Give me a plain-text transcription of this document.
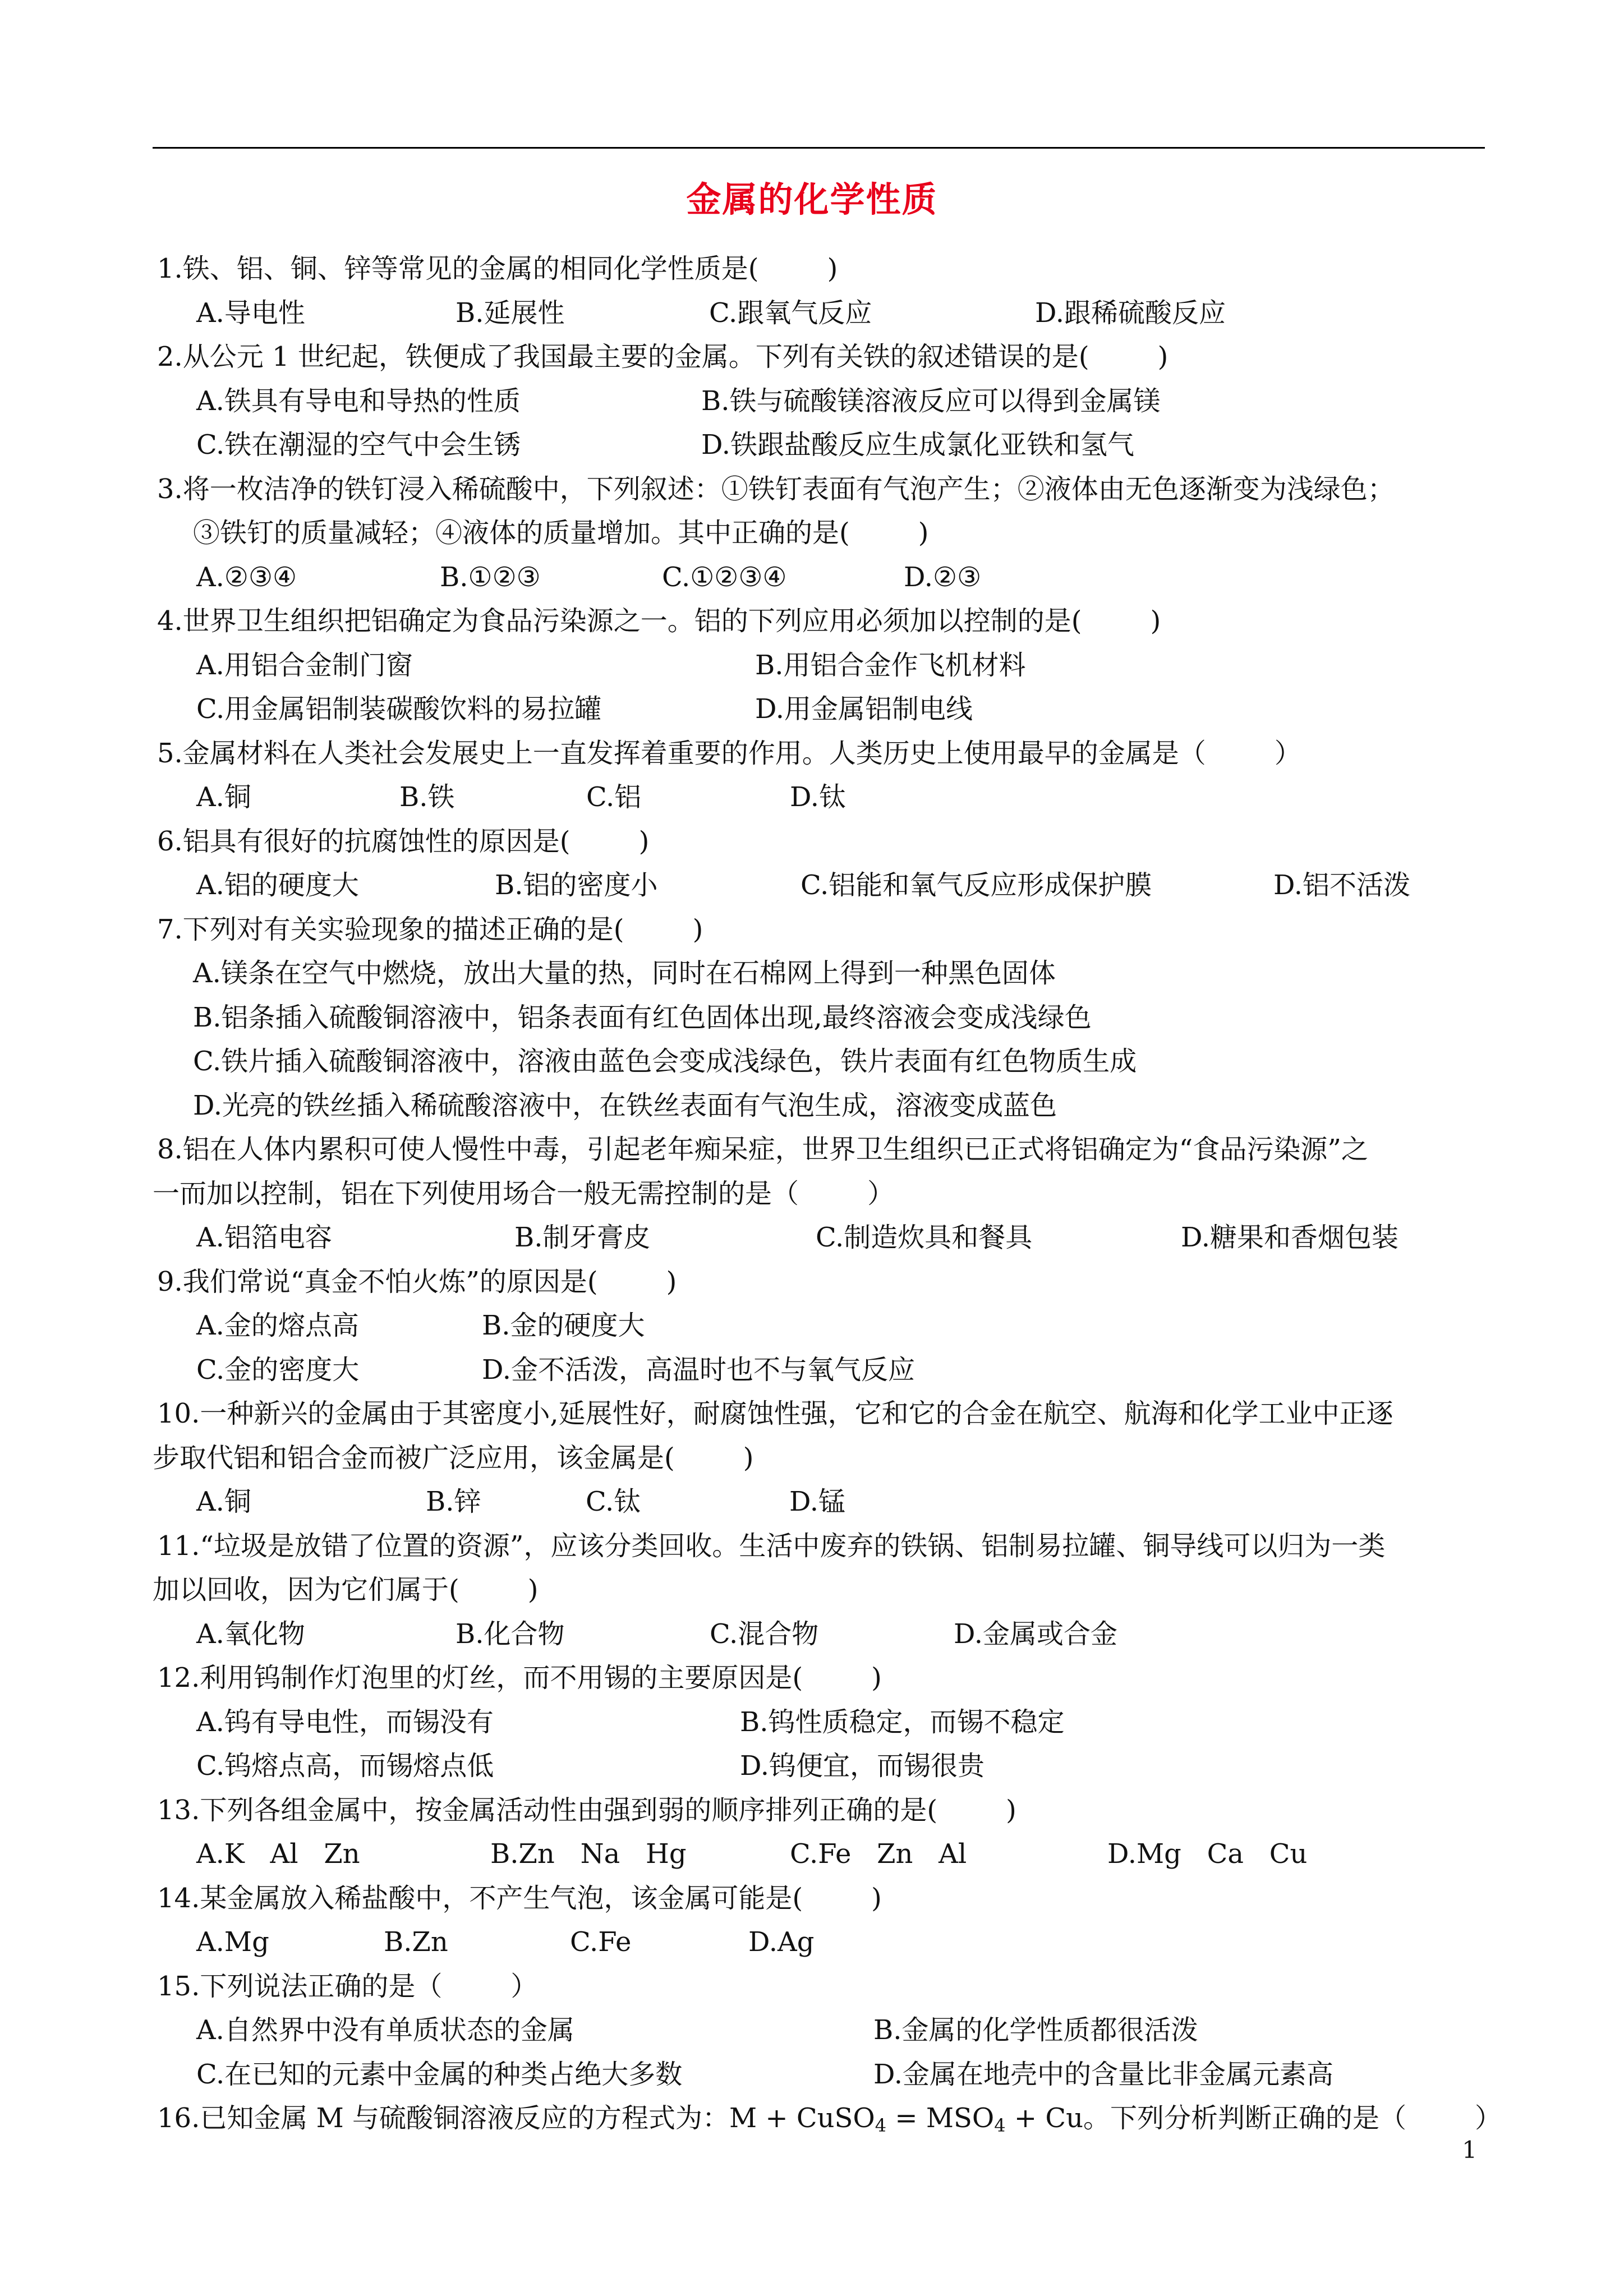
金属的化学性质
1.铁、铝、铜、锌等常见的金属的相同化学性质是(        )

A.导电性

	B.延展性

	C.跟氧气反应

	D.跟稀硫酸反应

2.从公元 1 世纪起，铁便成了我国最主要的金属。下列有关铁的叙述错误的是(        )

A.铁具有导电和导热的性质

	B.铁与硫酸镁溶液反应可以得到金属镁

C.铁在潮湿的空气中会生锈

	D.铁跟盐酸反应生成氯化亚铁和氢气

3.将一枚洁净的铁钉浸入稀硫酸中，下列叙述：①铁钉表面有气泡产生；②液体由无色逐渐变为浅绿色；
③铁钉的质量减轻；④液体的质量增加。其中正确的是(        )

A.②③④

	B.①②③

	C.①②③④

	D.②③

4.世界卫生组织把铝确定为食品污染源之一。铝的下列应用必须加以控制的是(        )

A.用铝合金制门窗

	B.用铝合金作飞机材料

C.用金属铝制装碳酸饮料的易拉罐

	D.用金属铝制电线

5.金属材料在人类社会发展史上一直发挥着重要的作用。人类历史上使用最早的金属是（        ）

A.铜

	B.铁

	C.铝

	D.钛

6.铝具有很好的抗腐蚀性的原因是(        )

A.铝的硬度大

	B.铝的密度小

	C.铝能和氧气反应形成保护膜

	D.铝不活泼

7.下列对有关实验现象的描述正确的是(        )
A.镁条在空气中燃烧，放出大量的热，同时在石棉网上得到一种黑色固体
B.铝条插入硫酸铜溶液中，铝条表面有红色固体出现,最终溶液会变成浅绿色
C.铁片插入硫酸铜溶液中，溶液由蓝色会变成浅绿色，铁片表面有红色物质生成
D.光亮的铁丝插入稀硫酸溶液中，在铁丝表面有气泡生成，溶液变成蓝色
8.铝在人体内累积可使人慢性中毒，引起老年痴呆症，世界卫生组织已正式将铝确定为“食品污染源”之
一而加以控制，铝在下列使用场合一般无需控制的是（        ）

A.铝箔电容

	B.制牙膏皮

	C.制造炊具和餐具

	D.糖果和香烟包装

9.我们常说“真金不怕火炼”的原因是(        )

A.金的熔点高

	B.金的硬度大

C.金的密度大

	D.金不活泼，高温时也不与氧气反应

10.一种新兴的金属由于其密度小,延展性好，耐腐蚀性强，它和它的合金在航空、航海和化学工业中正逐
步取代铝和铝合金而被广泛应用，该金属是(        )

A.铜

	B.锌

	C.钛

	D.锰

11.“垃圾是放错了位置的资源”，应该分类回收。生活中废弃的铁锅、铝制易拉罐、铜导线可以归为一类
加以回收，因为它们属于(        )

A.氧化物

	B.化合物

	C.混合物

	D.金属或合金

12.利用钨制作灯泡里的灯丝，而不用锡的主要原因是(        )

A.钨有导电性，而锡没有

	B.钨性质稳定，而锡不稳定

C.钨熔点高，而锡熔点低

	D.钨便宜，而锡很贵

13.下列各组金属中，按金属活动性由强到弱的顺序排列正确的是(        )

A.K   Al   Zn

	B.Zn   Na   Hg

	C.Fe   Zn   Al

	D.Mg   Ca   Cu

14.某金属放入稀盐酸中，不产生气泡，该金属可能是(        )

A.Mg

	B.Zn

	C.Fe

	D.Ag

15.下列说法正确的是（        ）

A.自然界中没有单质状态的金属

	B.金属的化学性质都很活泼

C.在已知的元素中金属的种类占绝大多数

	D.金属在地壳中的含量比非金属元素高

16.已知金属 M 与硫酸铜溶液反应的方程式为：M + CuSO$_4$ = $MSO_4 + Cu$。下列分析判断正确的是（        ）
1
